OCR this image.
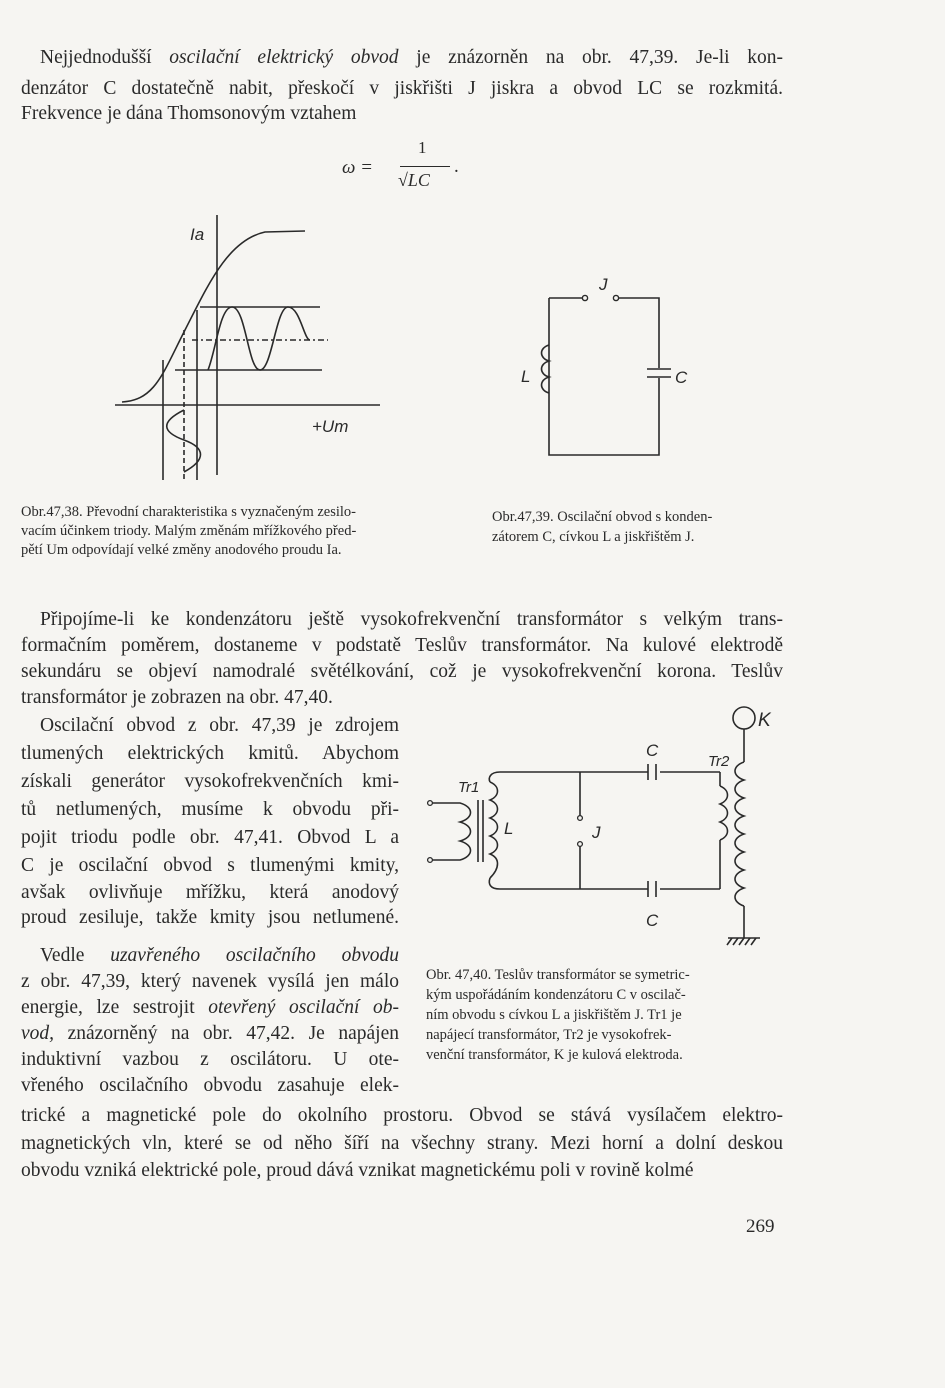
Nejjednodušší oscilační elektrický obvod je znázorněn na obr. 47,39. Je-li kon-
denzátor C dostatečně nabit, přeskočí v jiskřišti J jiskra a obvod LC se rozkmitá.
Frekvence je dána Thomsonovým vztahem
ω =
1
√LC
.
Ia
+Um
Obr.47,38. Převodní charakteristika s vyznačeným zesilo-
vacím účinkem triody. Malým změnám mřížkového před-
pětí Um odpovídají velké změny anodového proudu Ia.
J
L	C
Obr.47,39. Oscilační obvod s konden-
zátorem C, cívkou L a jiskřištěm J.
Připojíme-li ke kondenzátoru ještě vysokofrekvenční transformátor s velkým trans-
formačním poměrem, dostaneme v podstatě Teslův transformátor. Na kulové elektrodě
sekundáru se objeví namodralé světélkování, což je vysokofrekvenční korona. Teslův
transformátor je zobrazen na obr. 47,40.
Oscilační obvod z obr. 47,39 je zdrojem
tlumených elektrických kmitů. Abychom
získali generátor vysokofrekvenčních kmi-
tů netlumených, musíme k obvodu při-
pojit triodu podle obr. 47,41. Obvod L a
C je oscilační obvod s tlumenými kmity,
avšak ovlivňuje mřížku, která anodový
proud zesiluje, takže kmity jsou netlumené.
Vedle uzavřeného oscilačního obvodu
z obr. 47,39, který navenek vysílá jen málo
energie, lze sestrojit otevřený oscilační ob-
vod, znázorněný na obr. 47,42. Je napájen
induktivní vazbou z oscilátoru. U ote-
vřeného oscilačního obvodu zasahuje elek-
trické a magnetické pole do okolního prostoru. Obvod se stává vysílačem elektro-
magnetických vln, které se od něho šíří na všechny strany. Mezi horní a dolní deskou
obvodu vzniká elektrické pole, proud dává vznikat magnetickému poli v rovině kolmé
K
C
C
Tr2
Tr1
L	J
Obr. 47,40. Teslův transformátor se symetric-
kým uspořádáním kondenzátoru C v oscilač-
ním obvodu s cívkou L a jiskřištěm J. Tr1 je
napájecí transformátor, Tr2 je vysokofrek-
venční transformátor, K je kulová elektroda.
269
